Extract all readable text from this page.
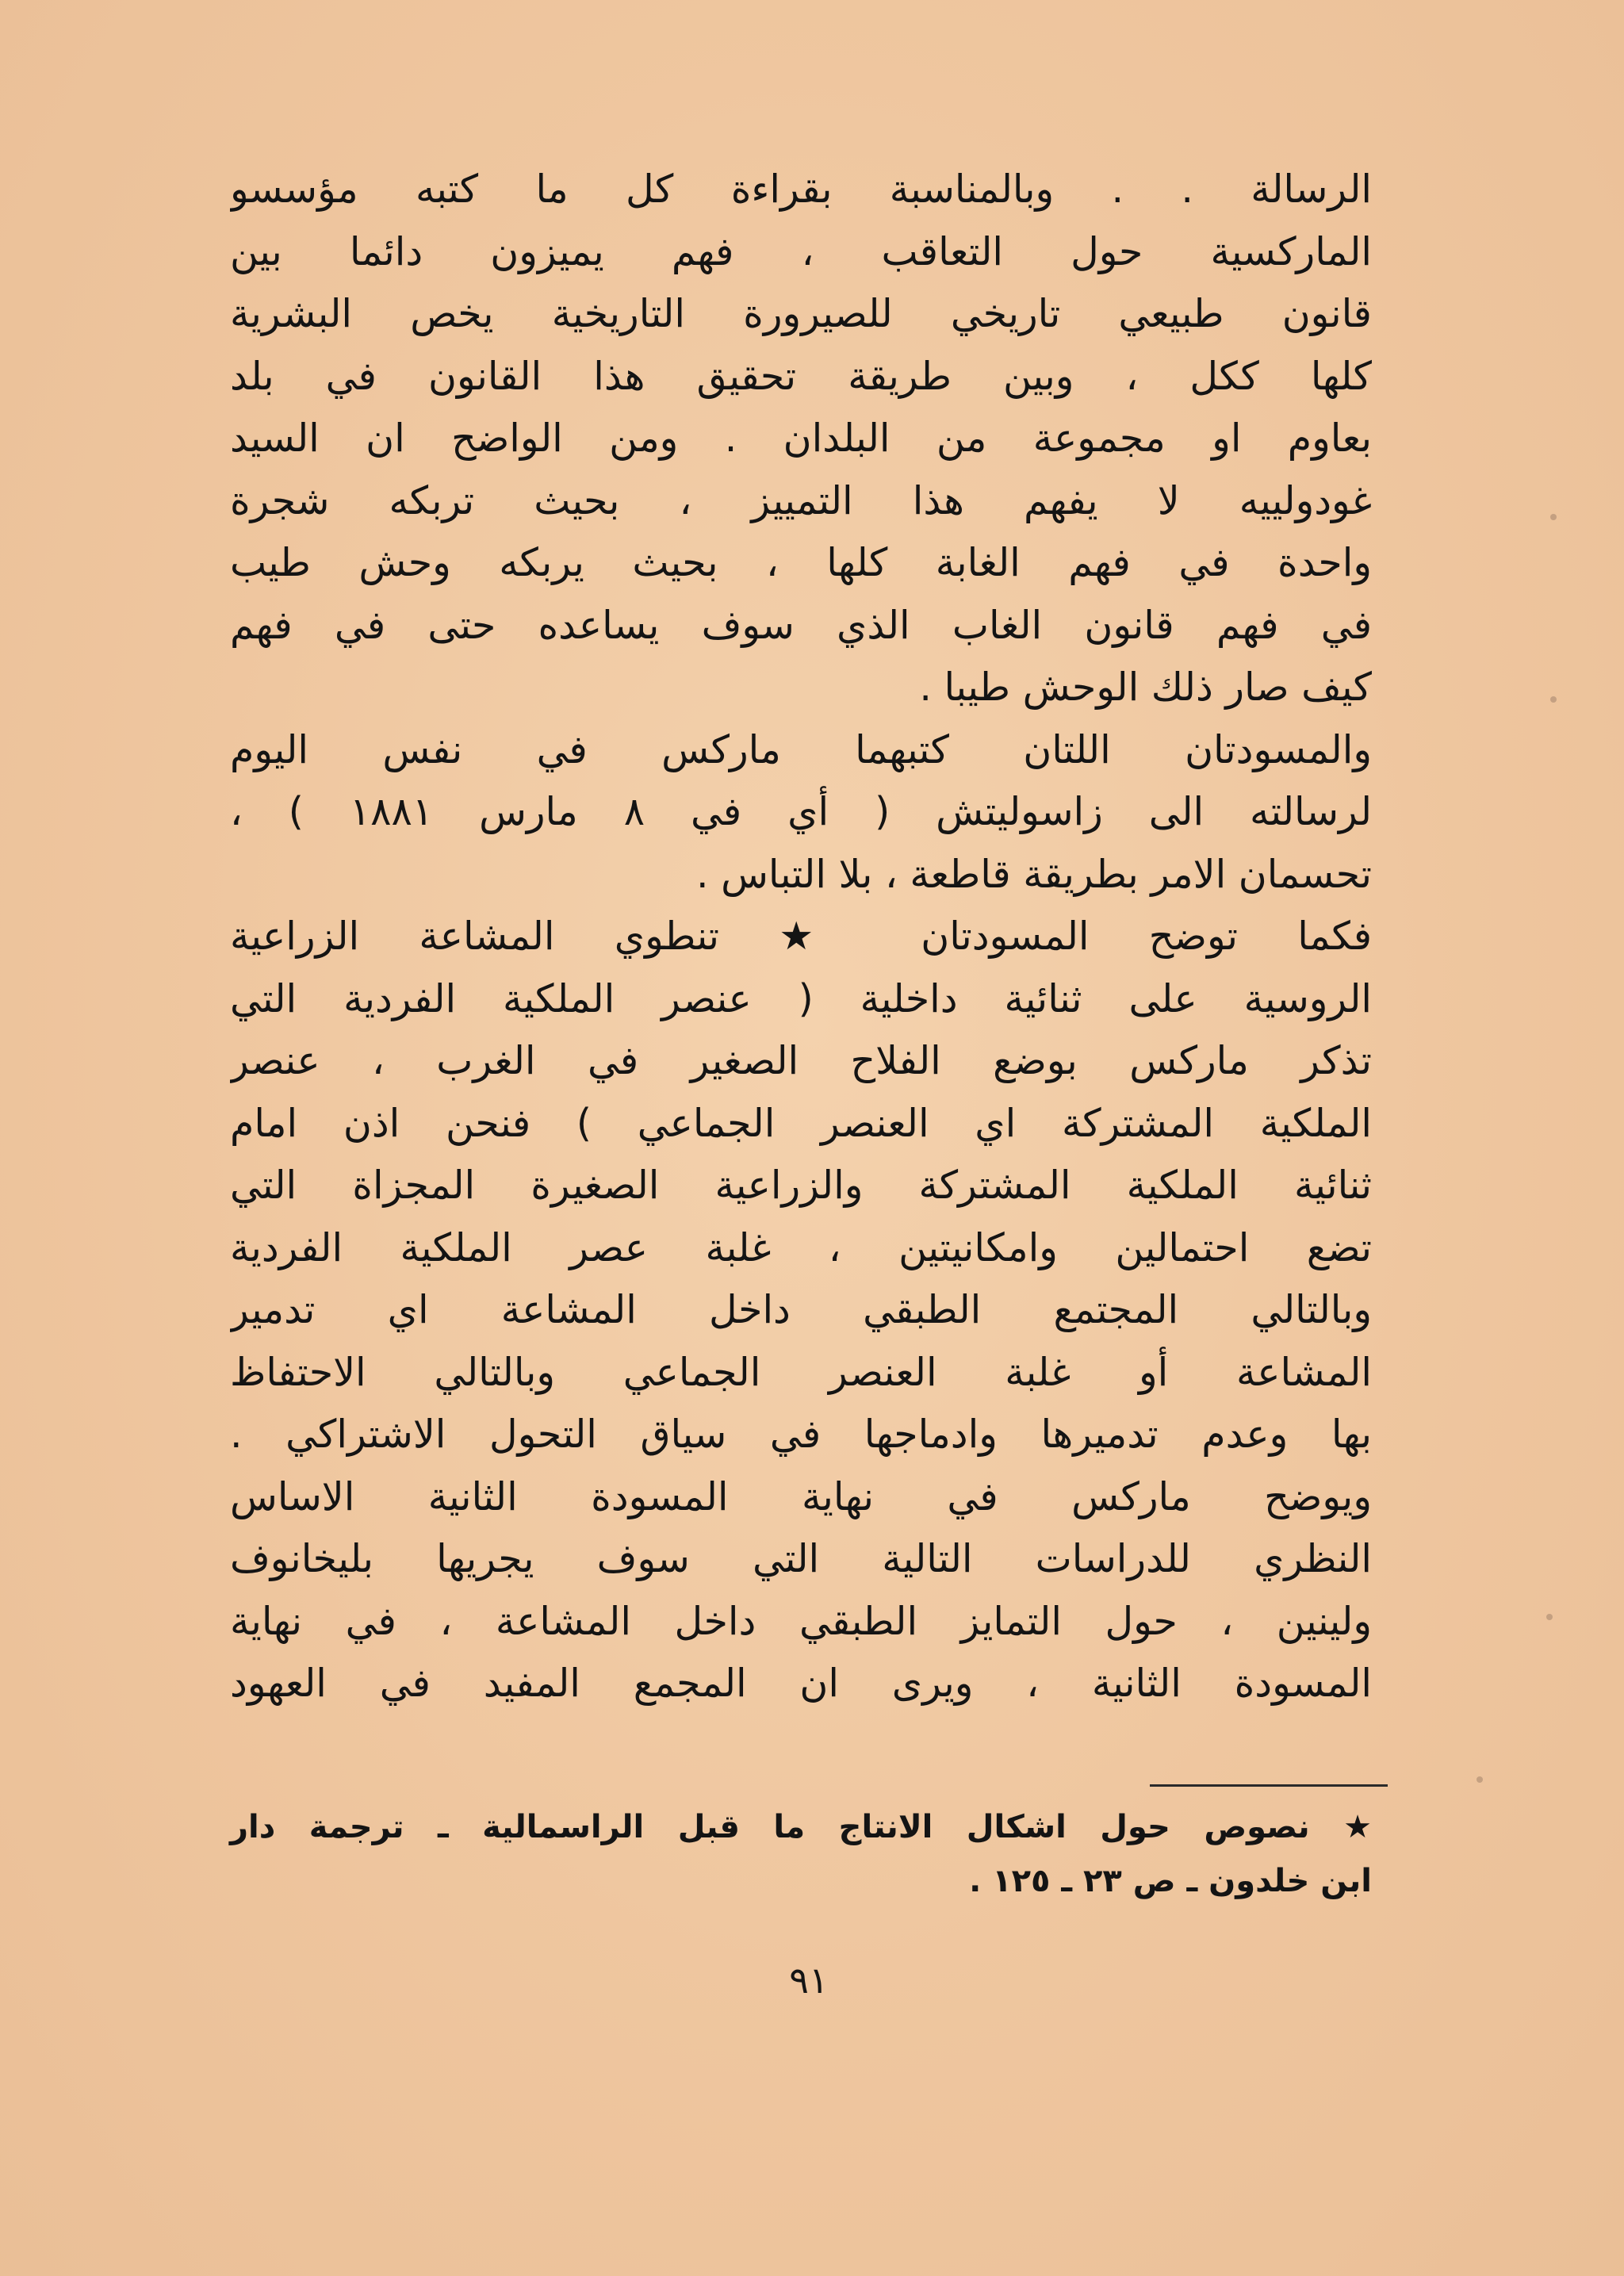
الرسالة . . وبالمناسبة بقراءة كل ما كتبه مؤسسو
الماركسية حول التعاقب ، فهم يميزون دائما بين
قانون طبيعي تاريخي للصيرورة التاريخية يخص البشرية
كلها ككل ، وبين طريقة تحقيق هذا القانون في بلد
بعاوم او مجموعة من البلدان . ومن الواضح ان السيد
غودولييه لا يفهم هذا التمييز ، بحيث تربكه شجرة
واحدة في فهم الغابة كلها ، بحيث يربكه وحش طيب
في فهم قانون الغاب الذي سوف يساعده حتى في فهم
كيف صار ذلك الوحش طيبا .
والمسودتان اللتان كتبهما ماركس في نفس اليوم
لرسالته الى زاسوليتش ( أي في ٨ مارس ١٨٨١ ) ،
تحسمان الامر بطريقة قاطعة ، بلا التباس .
فكما توضح المسودتان ★ تنطوي المشاعة الزراعية
الروسية على ثنائية داخلية ( عنصر الملكية الفردية التي
تذكر ماركس بوضع الفلاح الصغير في الغرب ، عنصر
الملكية المشتركة اي العنصر الجماعي ) فنحن اذن امام
ثنائية الملكية المشتركة والزراعية الصغيرة المجزاة التي
تضع احتمالين وامكانيتين ، غلبة عصر الملكية الفردية
وبالتالي المجتمع الطبقي داخل المشاعة اي تدمير
المشاعة أو غلبة العنصر الجماعي وبالتالي الاحتفاظ
بها وعدم تدميرها وادماجها في سياق التحول الاشتراكي .
ويوضح ماركس في نهاية المسودة الثانية الاساس
النظري للدراسات التالية التي سوف يجريها بليخانوف
ولينين ، حول التمايز الطبقي داخل المشاعة ، في نهاية
المسودة الثانية ، ويرى ان المجمع المفيد في العهود
★ نصوص حول اشكال الانتاج ما قبل الراسمالية ـ ترجمة دار
ابن خلدون ـ ص ٢٣ ـ ١٢٥ .
٩١
